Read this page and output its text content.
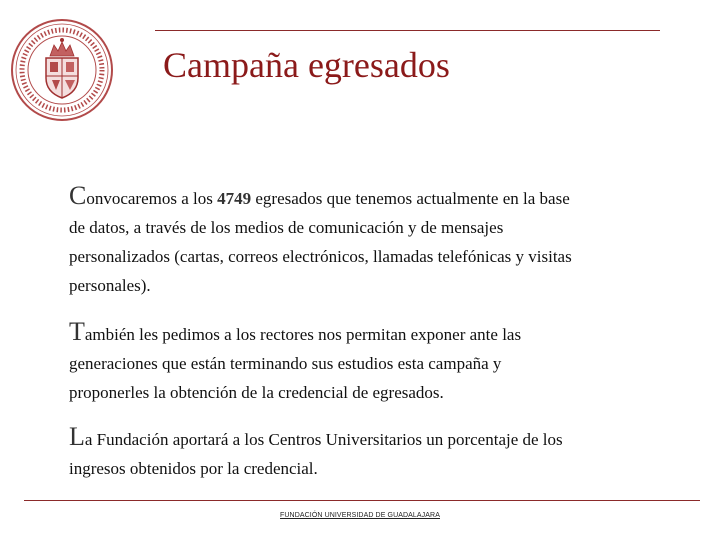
Campaña egresados
Convocaremos a los 4749 egresados que tenemos actualmente en la base
de datos, a través de los medios de comunicación y de mensajes
personalizados (cartas, correos electrónicos, llamadas telefónicas y visitas
personales).
También les pedimos a los rectores nos permitan exponer ante las
generaciones que están terminando sus estudios esta campaña y
proponerles la obtención de la credencial de egresados.
La Fundación aportará a los Centros Universitarios un porcentaje de los
ingresos obtenidos por la credencial.
FUNDACIÓN UNIVERSIDAD DE GUADALAJARA
